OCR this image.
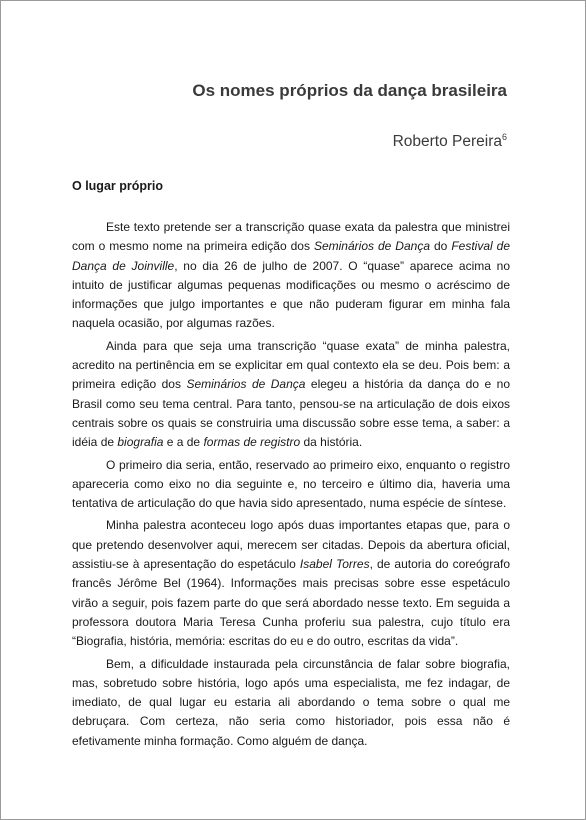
Os nomes próprios da dança brasileira
Roberto Pereira$^6$
O lugar próprio

Este texto pretende ser a transcrição quase exata da palestra que ministrei com o mesmo nome na primeira edição dos Seminários de Dança do Festival de Dança de Joinville, no dia 26 de julho de 2007. O “quase” aparece acima no intuito de justificar algumas pequenas modificações ou mesmo o acréscimo de informações que julgo importantes e que não puderam figurar em minha fala naquela ocasião, por algumas razões.

Ainda para que seja uma transcrição “quase exata” de minha palestra, acredito na pertinência em se explicitar em qual contexto ela se deu. Pois bem: a primeira edição dos Seminários de Dança elegeu a história da dança do e no Brasil como seu tema central. Para tanto, pensou-se na articulação de dois eixos centrais sobre os quais se construiria uma discussão sobre esse tema, a saber: a idéia de biografia e a de formas de registro da história.

O primeiro dia seria, então, reservado ao primeiro eixo, enquanto o registro apareceria como eixo no dia seguinte e, no terceiro e último dia, haveria uma tentativa de articulação do que havia sido apresentado, numa espécie de síntese.

Minha palestra aconteceu logo após duas importantes etapas que, para o que pretendo desenvolver aqui, merecem ser citadas. Depois da abertura oficial, assistiu-se à apresentação do espetáculo Isabel Torres, de autoria do coreógrafo francês Jérôme Bel (1964). Informações mais precisas sobre esse espetáculo virão a seguir, pois fazem parte do que será abordado nesse texto. Em seguida a professora doutora Maria Teresa Cunha proferiu sua palestra, cujo título era “Biografia, história, memória: escritas do eu e do outro, escritas da vida”.

Bem, a dificuldade instaurada pela circunstância de falar sobre biografia, mas, sobretudo sobre história, logo após uma especialista, me fez indagar, de imediato, de qual lugar eu estaria ali abordando o tema sobre o qual me debruçara. Com certeza, não seria como historiador, pois essa não é efetivamente minha formação. Como alguém de dança.
